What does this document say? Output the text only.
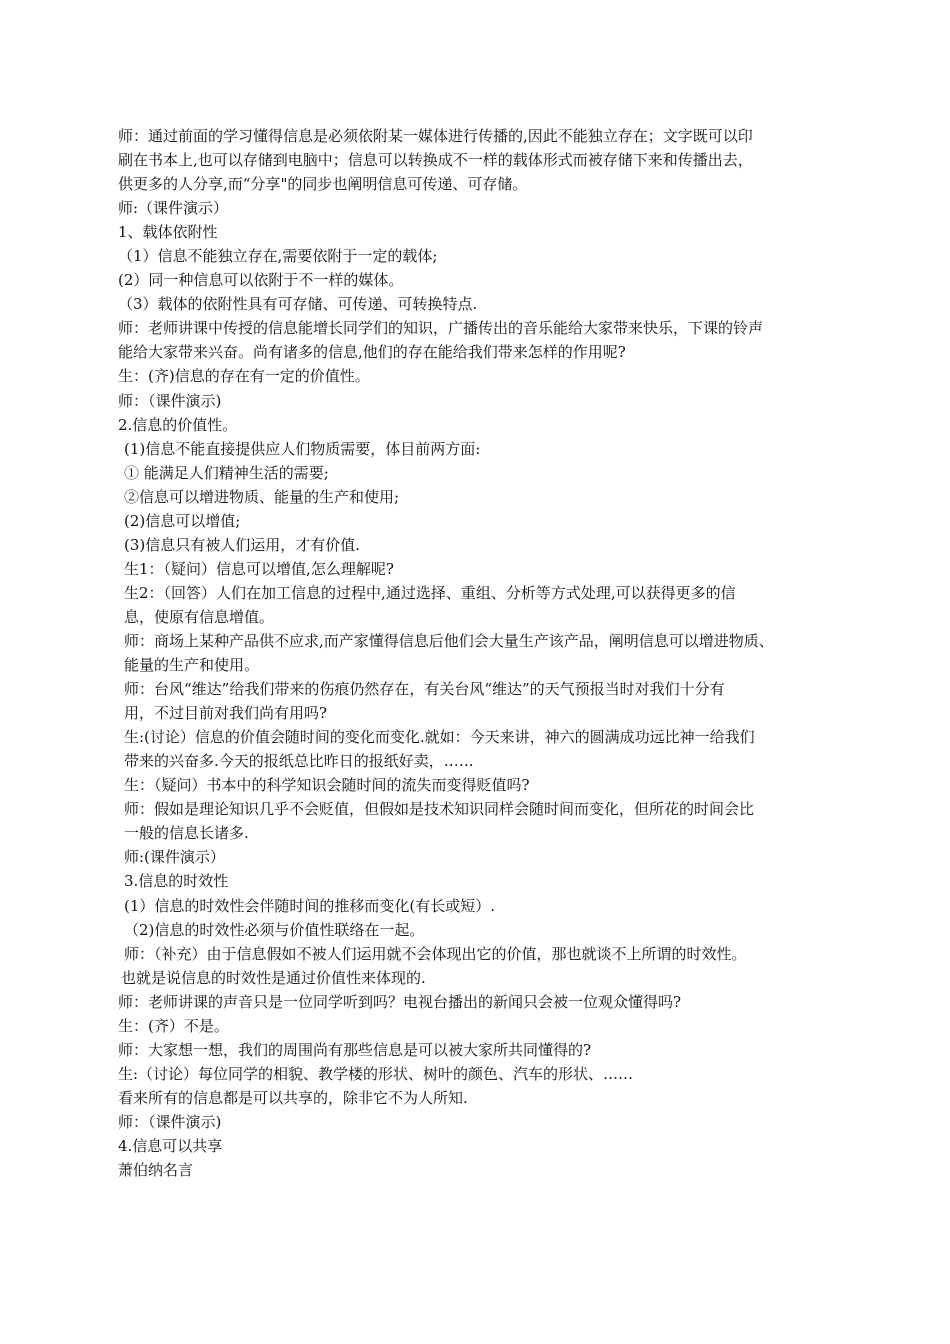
师：通过前面的学习懂得信息是必须依附某一媒体进行传播的,因此不能独立存在；文字既可以印
刷在书本上,也可以存储到电脑中；信息可以转换成不一样的载体形式而被存储下来和传播出去，
供更多的人分享,而“分享"的同步也阐明信息可传递、可存储。
师:（课件演示）
1、载体依附性
（1）信息不能独立存在,需要依附于一定的载体;
(2）同一种信息可以依附于不一样的媒体。
（3）载体的依附性具有可存储、可传递、可转换特点.
师：老师讲课中传授的信息能增长同学们的知识，广播传出的音乐能给大家带来快乐，下课的铃声
能给大家带来兴奋。尚有诸多的信息,他们的存在能给我们带来怎样的作用呢?
生：(齐)信息的存在有一定的价值性。
师：（课件演示)
2.信息的价值性。
(1)信息不能直接提供应人们物质需要，体目前两方面:
① 能满足人们精神生活的需要;
②信息可以增进物质、能量的生产和使用;
(2)信息可以增值;
(3)信息只有被人们运用，才有价值.
生1：（疑问）信息可以增值,怎么理解呢?
生2：（回答）人们在加工信息的过程中,通过选择、重组、分析等方式处理,可以获得更多的信
息，使原有信息增值。
师：商场上某种产品供不应求,而产家懂得信息后他们会大量生产该产品，阐明信息可以增进物质、
能量的生产和使用。
师：台风“维达”给我们带来的伤痕仍然存在，有关台风“维达”的天气预报当时对我们十分有
用，不过目前对我们尚有用吗?
生:(讨论）信息的价值会随时间的变化而变化.就如：今天来讲，神六的圆满成功远比神一给我们
带来的兴奋多.今天的报纸总比昨日的报纸好卖，……
生：（疑问）书本中的科学知识会随时间的流失而变得贬值吗?
师：假如是理论知识几乎不会贬值，但假如是技术知识同样会随时间而变化，但所花的时间会比
一般的信息长诸多.
师:(课件演示）
3.信息的时效性
(1）信息的时效性会伴随时间的推移而变化(有长或短）.
（2)信息的时效性必须与价值性联络在一起。
师：（补充）由于信息假如不被人们运用就不会体现出它的价值，那也就谈不上所谓的时效性。
也就是说信息的时效性是通过价值性来体现的.
师：老师讲课的声音只是一位同学听到吗？电视台播出的新闻只会被一位观众懂得吗?
生：(齐）不是。
师：大家想一想，我们的周围尚有那些信息是可以被大家所共同懂得的?
生:（讨论）每位同学的相貌、教学楼的形状、树叶的颜色、汽车的形状、……
看来所有的信息都是可以共享的，除非它不为人所知.
师：（课件演示)
4.信息可以共享
萧伯纳名言
